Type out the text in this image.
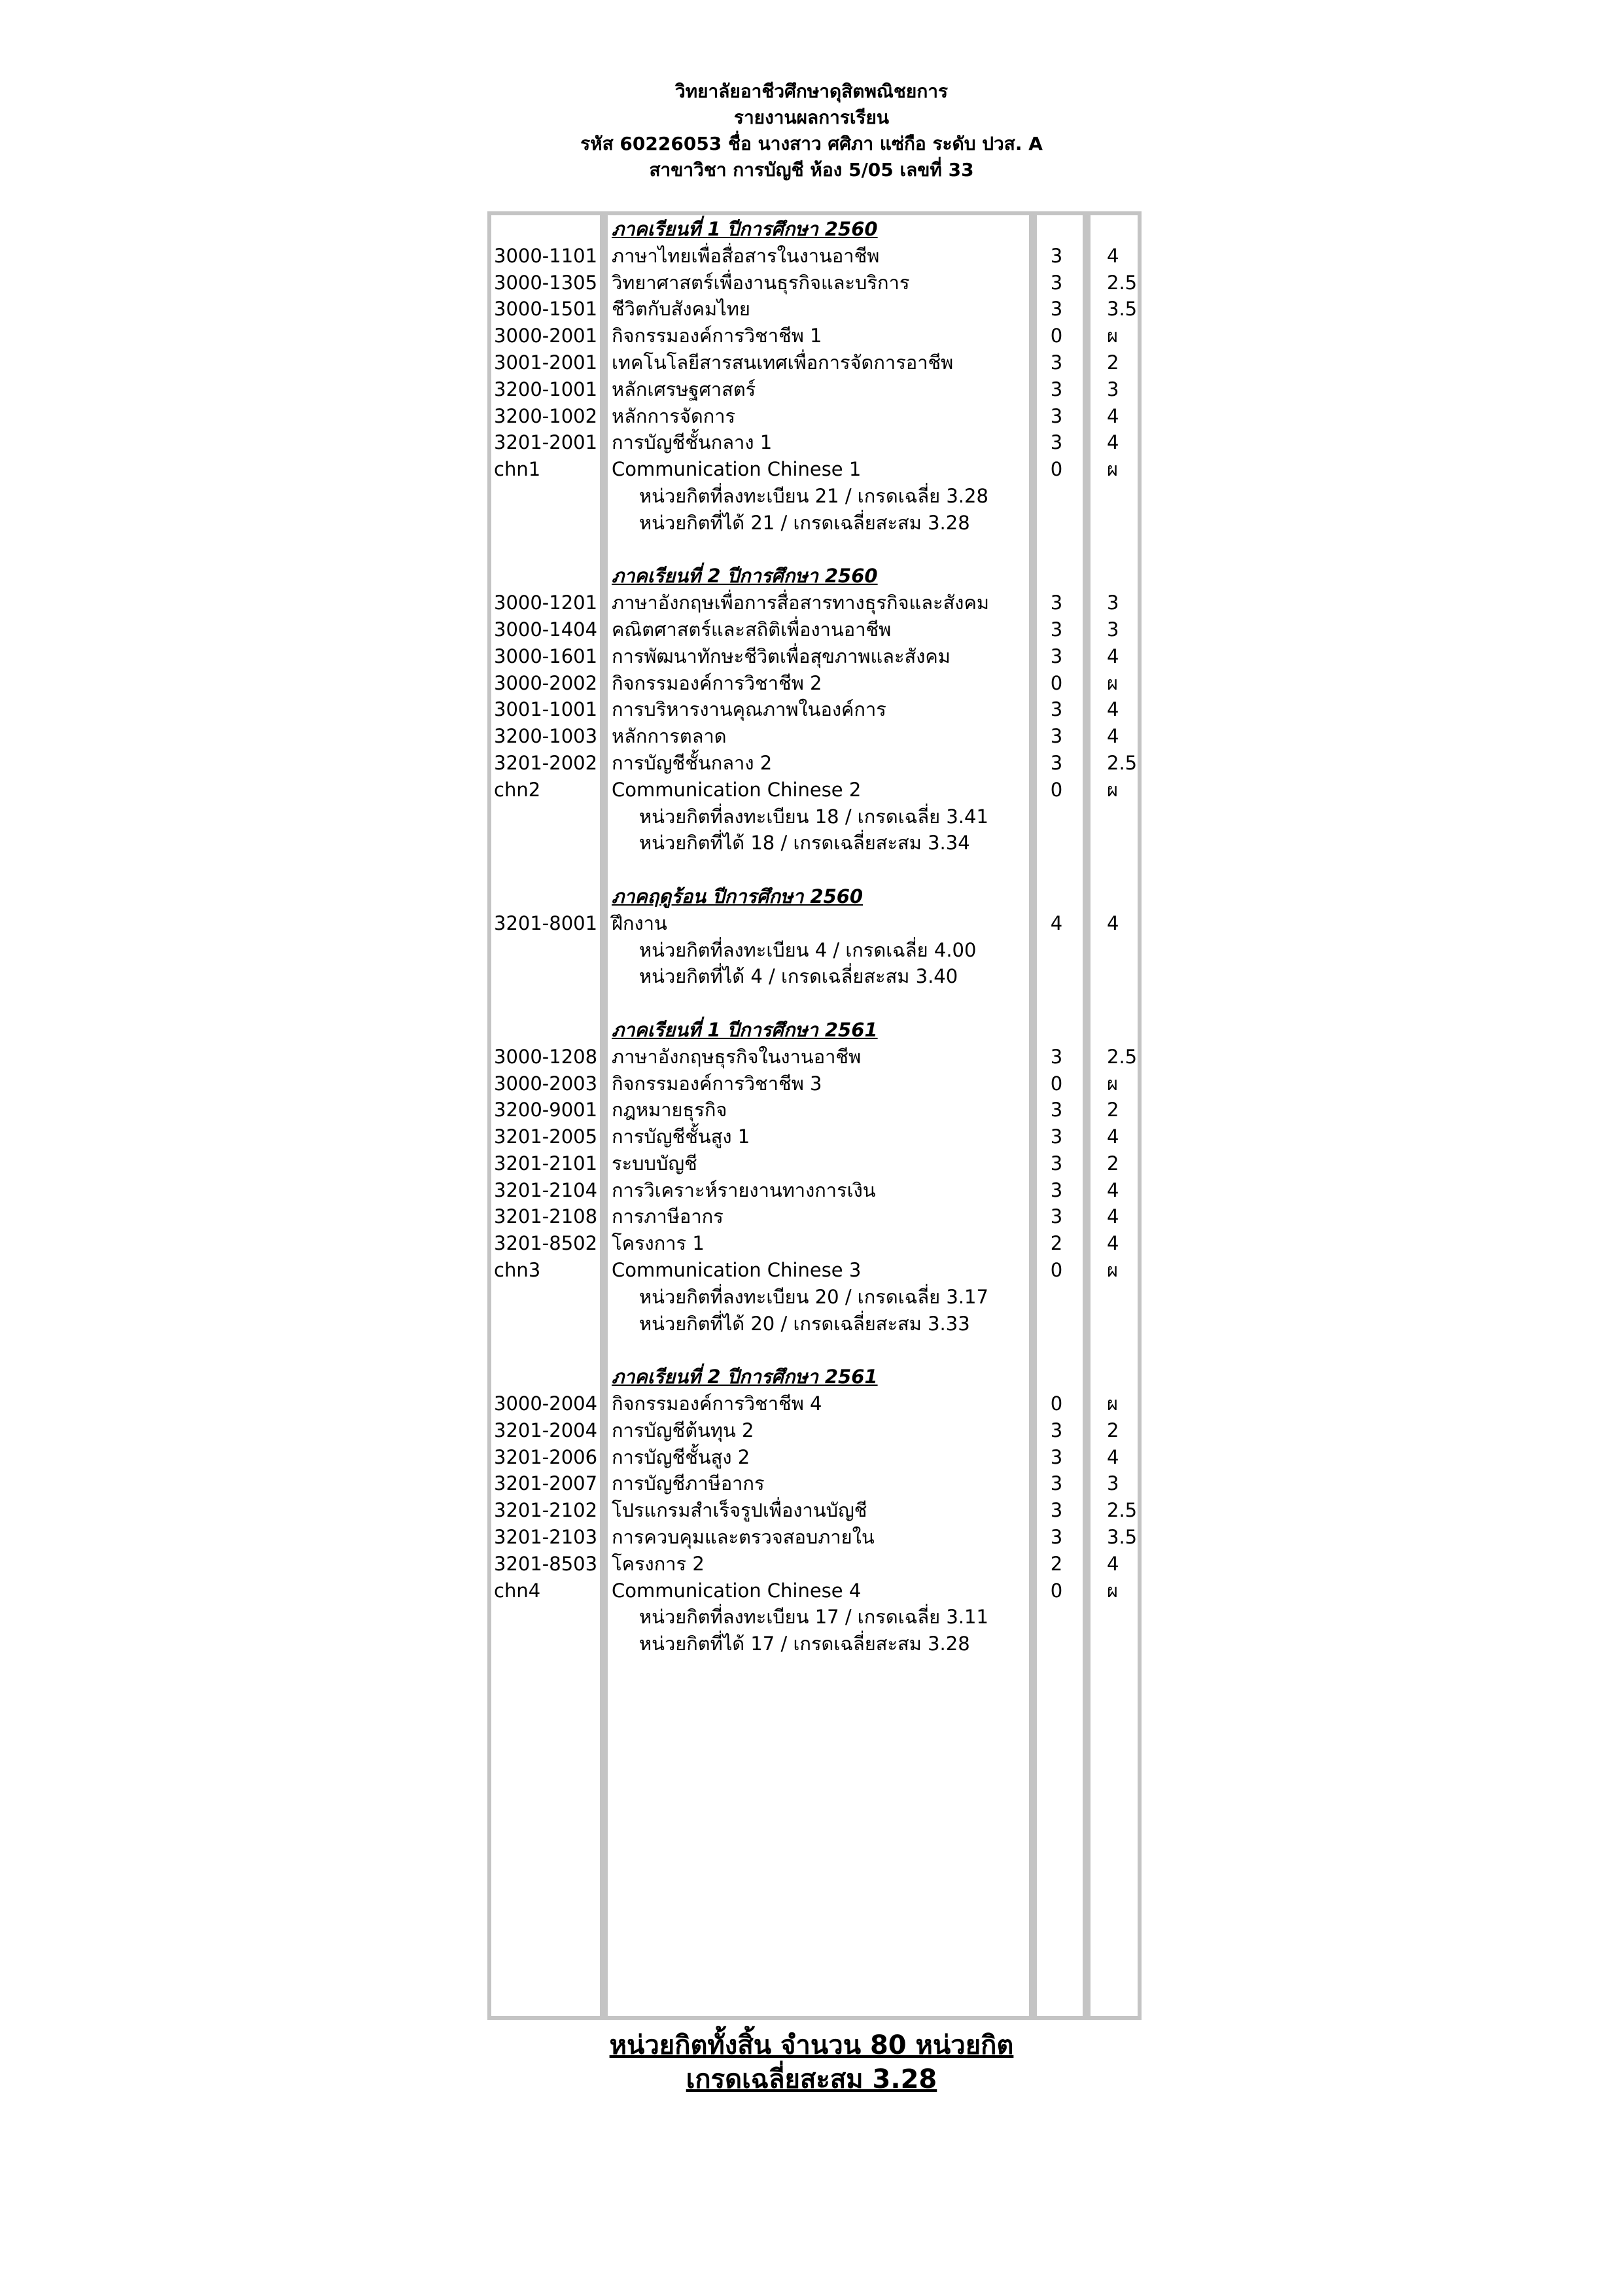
วิทยาลัยอาชีวศึกษาดุสิตพณิชยการ
รายงานผลการเรียน
รหัส 60226053 ชื่อ นางสาว ศศิภา แซ่กือ ระดับ ปวส. A
สาขาวิชา การบัญชี ห้อง 5/05 เลขที่ 33
ภาคเรียนที่ 1 ปีการศึกษา 2560
3000-1101 ภาษาไทยเพื่อสื่อสารในงานอาชีพ	3 4
3000-1305 วิทยาศาสตร์เพื่องานธุรกิจและบริการ	3 2.5
3000-1501 ชีวิตกับสังคมไทย	3 3.5
3000-2001 กิจกรรมองค์การวิชาชีพ 1	0 ผ
3001-2001 เทคโนโลยีสารสนเทศเพื่อการจัดการอาชีพ	3 2
3200-1001 หลักเศรษฐศาสตร์	3 3
3200-1002 หลักการจัดการ	3 4
3201-2001 การบัญชีชั้นกลาง 1	3 4
chn1	Communication Chinese 1	0 ผ
หน่วยกิตที่ลงทะเบียน 21 / เกรดเฉลี่ย 3.28
หน่วยกิตที่ได้ 21 / เกรดเฉลี่ยสะสม 3.28
ภาคเรียนที่ 2 ปีการศึกษา 2560
3000-1201 ภาษาอังกฤษเพื่อการสื่อสารทางธุรกิจและสังคม	3 3
3000-1404 คณิตศาสตร์และสถิติเพื่องานอาชีพ	3 3
3000-1601 การพัฒนาทักษะชีวิตเพื่อสุขภาพและสังคม	3 4
3000-2002 กิจกรรมองค์การวิชาชีพ 2	0 ผ
3001-1001 การบริหารงานคุณภาพในองค์การ	3 4
3200-1003 หลักการตลาด	3 4
3201-2002 การบัญชีชั้นกลาง 2	3 2.5
chn2	Communication Chinese 2	0 ผ
หน่วยกิตที่ลงทะเบียน 18 / เกรดเฉลี่ย 3.41
หน่วยกิตที่ได้ 18 / เกรดเฉลี่ยสะสม 3.34
ภาคฤดูร้อน ปีการศึกษา 2560
3201-8001 ฝึกงาน	4 4
หน่วยกิตที่ลงทะเบียน 4 / เกรดเฉลี่ย 4.00
หน่วยกิตที่ได้ 4 / เกรดเฉลี่ยสะสม 3.40
ภาคเรียนที่ 1 ปีการศึกษา 2561
3000-1208 ภาษาอังกฤษธุรกิจในงานอาชีพ	3 2.5
3000-2003 กิจกรรมองค์การวิชาชีพ 3	0 ผ
3200-9001 กฎหมายธุรกิจ	3 2
3201-2005 การบัญชีชั้นสูง 1	3 4
3201-2101 ระบบบัญชี	3 2
3201-2104 การวิเคราะห์รายงานทางการเงิน	3 4
3201-2108 การภาษีอากร	3 4
3201-8502 โครงการ 1	2 4
chn3	Communication Chinese 3	0 ผ
หน่วยกิตที่ลงทะเบียน 20 / เกรดเฉลี่ย 3.17
หน่วยกิตที่ได้ 20 / เกรดเฉลี่ยสะสม 3.33
ภาคเรียนที่ 2 ปีการศึกษา 2561
3000-2004 กิจกรรมองค์การวิชาชีพ 4	0 ผ
3201-2004 การบัญชีต้นทุน 2	3 2
3201-2006 การบัญชีชั้นสูง 2	3 4
3201-2007 การบัญชีภาษีอากร	3 3
3201-2102 โปรแกรมสำเร็จรูปเพื่องานบัญชี	3 2.5
3201-2103 การควบคุมและตรวจสอบภายใน	3 3.5
3201-8503 โครงการ 2	2 4
chn4	Communication Chinese 4	0 ผ
หน่วยกิตที่ลงทะเบียน 17 / เกรดเฉลี่ย 3.11
หน่วยกิตที่ได้ 17 / เกรดเฉลี่ยสะสม 3.28
หน่วยกิตทั้งสิ้น จำนวน 80 หน่วยกิต
เกรดเฉลี่ยสะสม 3.28
